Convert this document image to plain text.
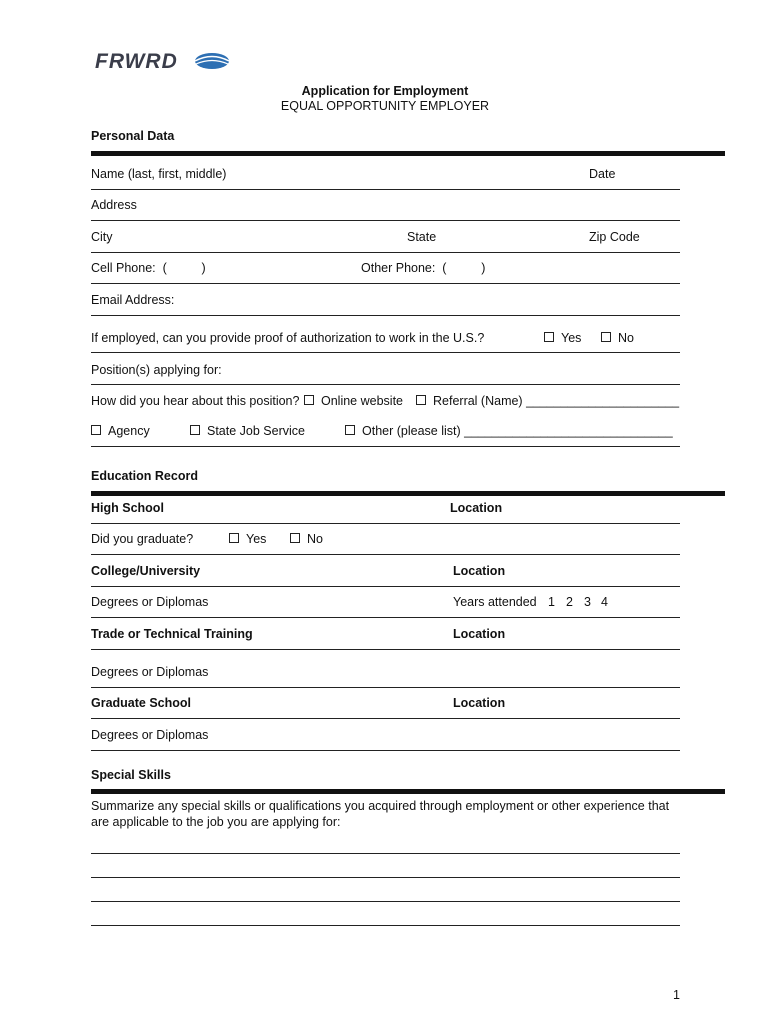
FRWRD
Application for Employment
EQUAL OPPORTUNITY EMPLOYER
Personal Data
Name (last, first, middle)	Date
Address
City	State	Zip Code
Cell Phone:  (          )	Other Phone:  (          )
Email Address:
If employed, can you provide proof of authorization to work in the U.S.?	Yes	No
Position(s) applying for:
How did you hear about this position?	Online website	Referral (Name) ______________________
Agency	State Job Service	Other (please list) ______________________________
Education Record
High School	Location
Did you graduate?	Yes	No
College/University	Location
Degrees or Diplomas	Years attended 1 2 3 4
Trade or Technical Training	Location
Degrees or Diplomas
Graduate School	Location
Degrees or Diplomas
Special Skills
Summarize any special skills or qualifications you acquired through employment or other experience that
are applicable to the job you are applying for:
1
